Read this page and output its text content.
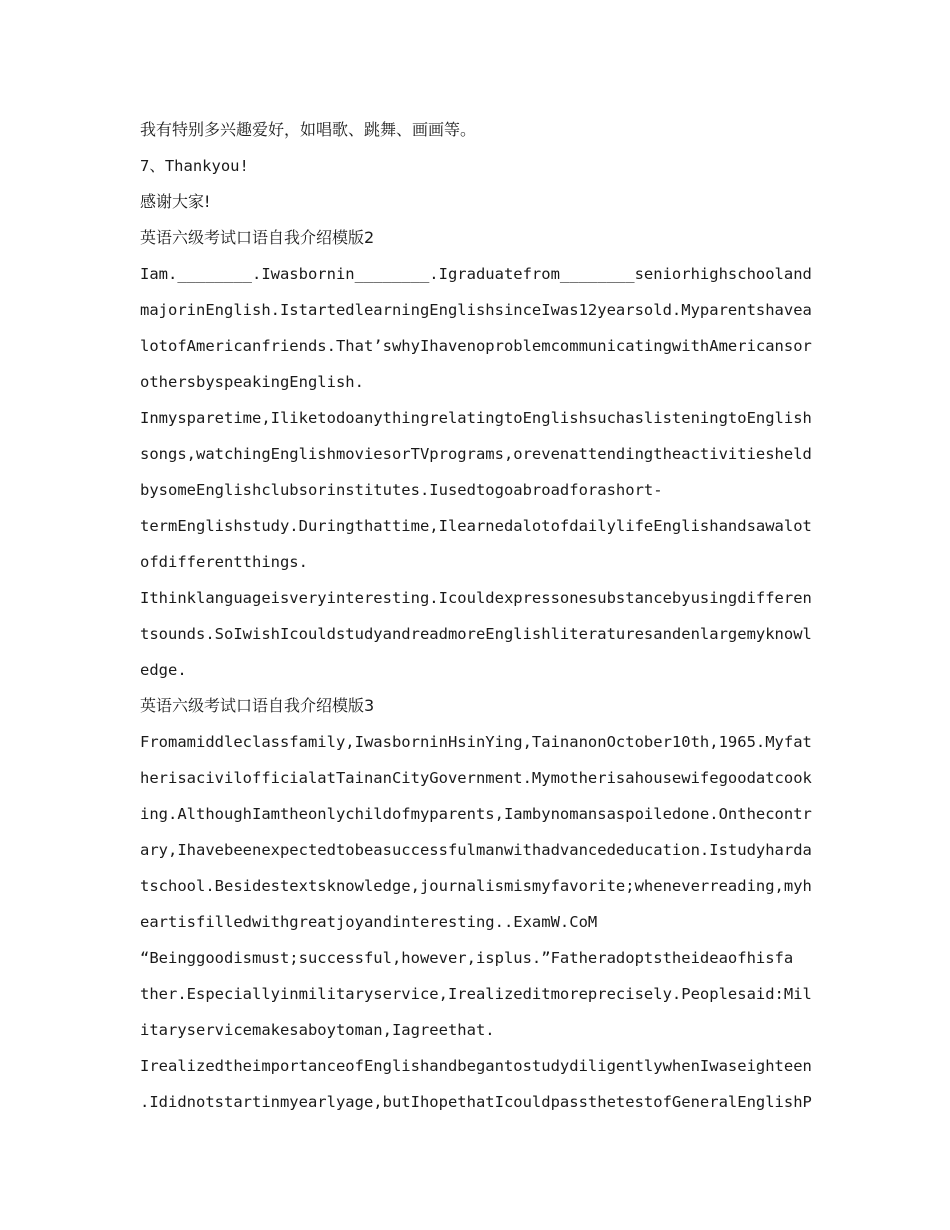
我有特别多兴趣爱好，如唱歌、跳舞、画画等。
7、Thankyou!
感谢大家!
英语六级考试口语自我介绍模版2
Iam.________.Iwasbornin________.Igraduatefrom________seniorhighschooland
majorinEnglish.IstartedlearningEnglishsinceIwas12yearsold.Myparentshavea
lotofAmericanfriends.That’swhyIhavenoproblemcommunicatingwithAmericansor
othersbyspeakingEnglish.
Inmysparetime,IliketodoanythingrelatingtoEnglishsuchaslisteningtoEnglish
songs,watchingEnglishmoviesorTVprograms,orevenattendingtheactivitiesheld
bysomeEnglishclubsorinstitutes.Iusedtogoabroadforashort-
termEnglishstudy.Duringthattime,IlearnedalotofdailylifeEnglishandsawalot
ofdifferentthings.
Ithinklanguageisveryinteresting.Icouldexpressonesubstancebyusingdifferen
tsounds.SoIwishIcouldstudyandreadmoreEnglishliteraturesandenlargemyknowl
edge.
英语六级考试口语自我介绍模版3
Fromamiddleclassfamily,IwasborninHsinYing,TainanonOctober10th,1965.Myfat
herisacivilofficialatTainanCityGovernment.Mymotherisahousewifegoodatcook
ing.AlthoughIamtheonlychildofmyparents,Iambynomansaspoiledone.Onthecontr
ary,Ihavebeenexpectedtobeasuccessfulmanwithadvancededucation.Istudyharda
tschool.Besidestextsknowledge,journalismismyfavorite;wheneverreading,myh
eartisfilledwithgreatjoyandinteresting..ExamW.CoM
“Beinggoodismust;successful,however,isplus.”Fatheradoptstheideaofhisfa
ther.Especiallyinmilitaryservice,Irealizeditmoreprecisely.Peoplesaid:Mil
itaryservicemakesaboytoman,Iagreethat.
IrealizedtheimportanceofEnglishandbegantostudydiligentlywhenIwaseighteen
.Ididnotstartinmyearlyage,butIhopethatIcouldpassthetestofGeneralEnglishP
